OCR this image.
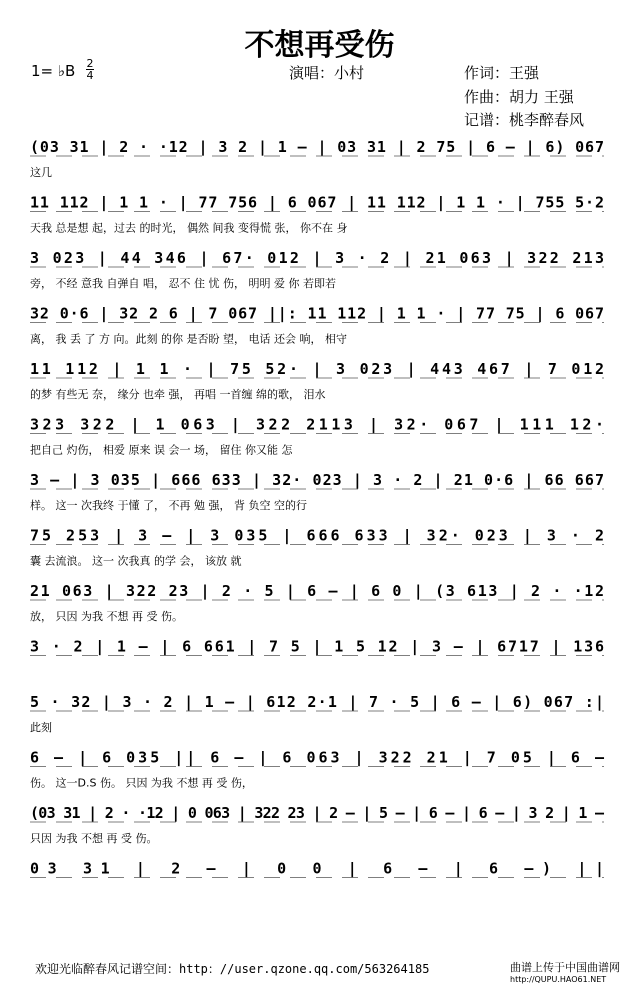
不想再受伤
1= ♭B 2
4	演唱：小村	作词：王强
作曲：胡力 王强
记谱：桃李醉春风
(03 31 | 2 · ·12 | 3 2 | 1 – | 03 31 | 2 75 | 6 – | 6) 067
这几
11 112 | 1 1 · | 77 756 | 6 067 | 11 112 | 1 1 · | 755 5·2
天我 总是想 起，过去 的时光， 偶然 间我 变得慌 张， 你不在 身
3 023 | 44 346 | 67· 012 | 3 · 2 | 21 063 | 322 213
旁， 不经 意我 自弹自 唱， 忍不 住 忧 伤， 明明 爱 你 若即若
32 0·6 | 32 2 6 | 7 067 ||: 11 112 | 1 1 · | 77 75 | 6 067
离， 我 丢 了 方 向。此刻 的你 是否盼 望， 电话 还会 响， 相守
11 112 | 1 1 · | 75 52· | 3 023 | 443 467 | 7 012
的梦 有些无 奈， 缘分 也牵 强， 再唱 一首缠 绵的歌， 泪水
323 322 | 1 063 | 322 2113 | 32· 067 | 111 12·
把自己 灼伤， 相爱 原来 误 会一 场， 留住 你又能 怎
3 – | 3 035 | 666 633 | 32· 023 | 3 · 2 | 21 0·6 | 66 667
样。 这一 次我终 于懂 了， 不再 勉 强， 背 负空 空的行
75 253 | 3 – | 3 035 | 666 633 | 32· 023 | 3 · 2
囊 去流浪。 这一 次我真 的学 会， 该放 就
21 063 | 322 23 | 2 · 5 | 6 – | 6 0 | (3 613 | 2 · ·12
放， 只因 为我 不想 再 受 伤。
3 · 2 | 1 – | 6 661 | 7 5 | 1 5 12 | 3 – | 6717 | 136
5 · 32 | 3 · 2 | 1 – | 612 2·1 | 7 · 5 | 6 – | 6) 067 :|
此刻
6 – | 6 035 || 6 – | 6 063 | 322 21 | 7 05 | 6 –
伤。 这一D.S 伤。 只因 为我 不想 再 受 伤，
(03 31 | 2 · ·12 | 0 063 | 322 23 | 2 – | 5 – | 6 – | 6 – | 3 2 | 1 –
只因 为我 不想 再 受 伤。
03 31 | 2 – | 0 0 | 6 – | 6 –) ||
欢迎光临醉春风记谱空间：http：//user.qzone.qq.com/563264185	曲谱上传于中国曲谱网
http://QUPU.HAO61.NET
